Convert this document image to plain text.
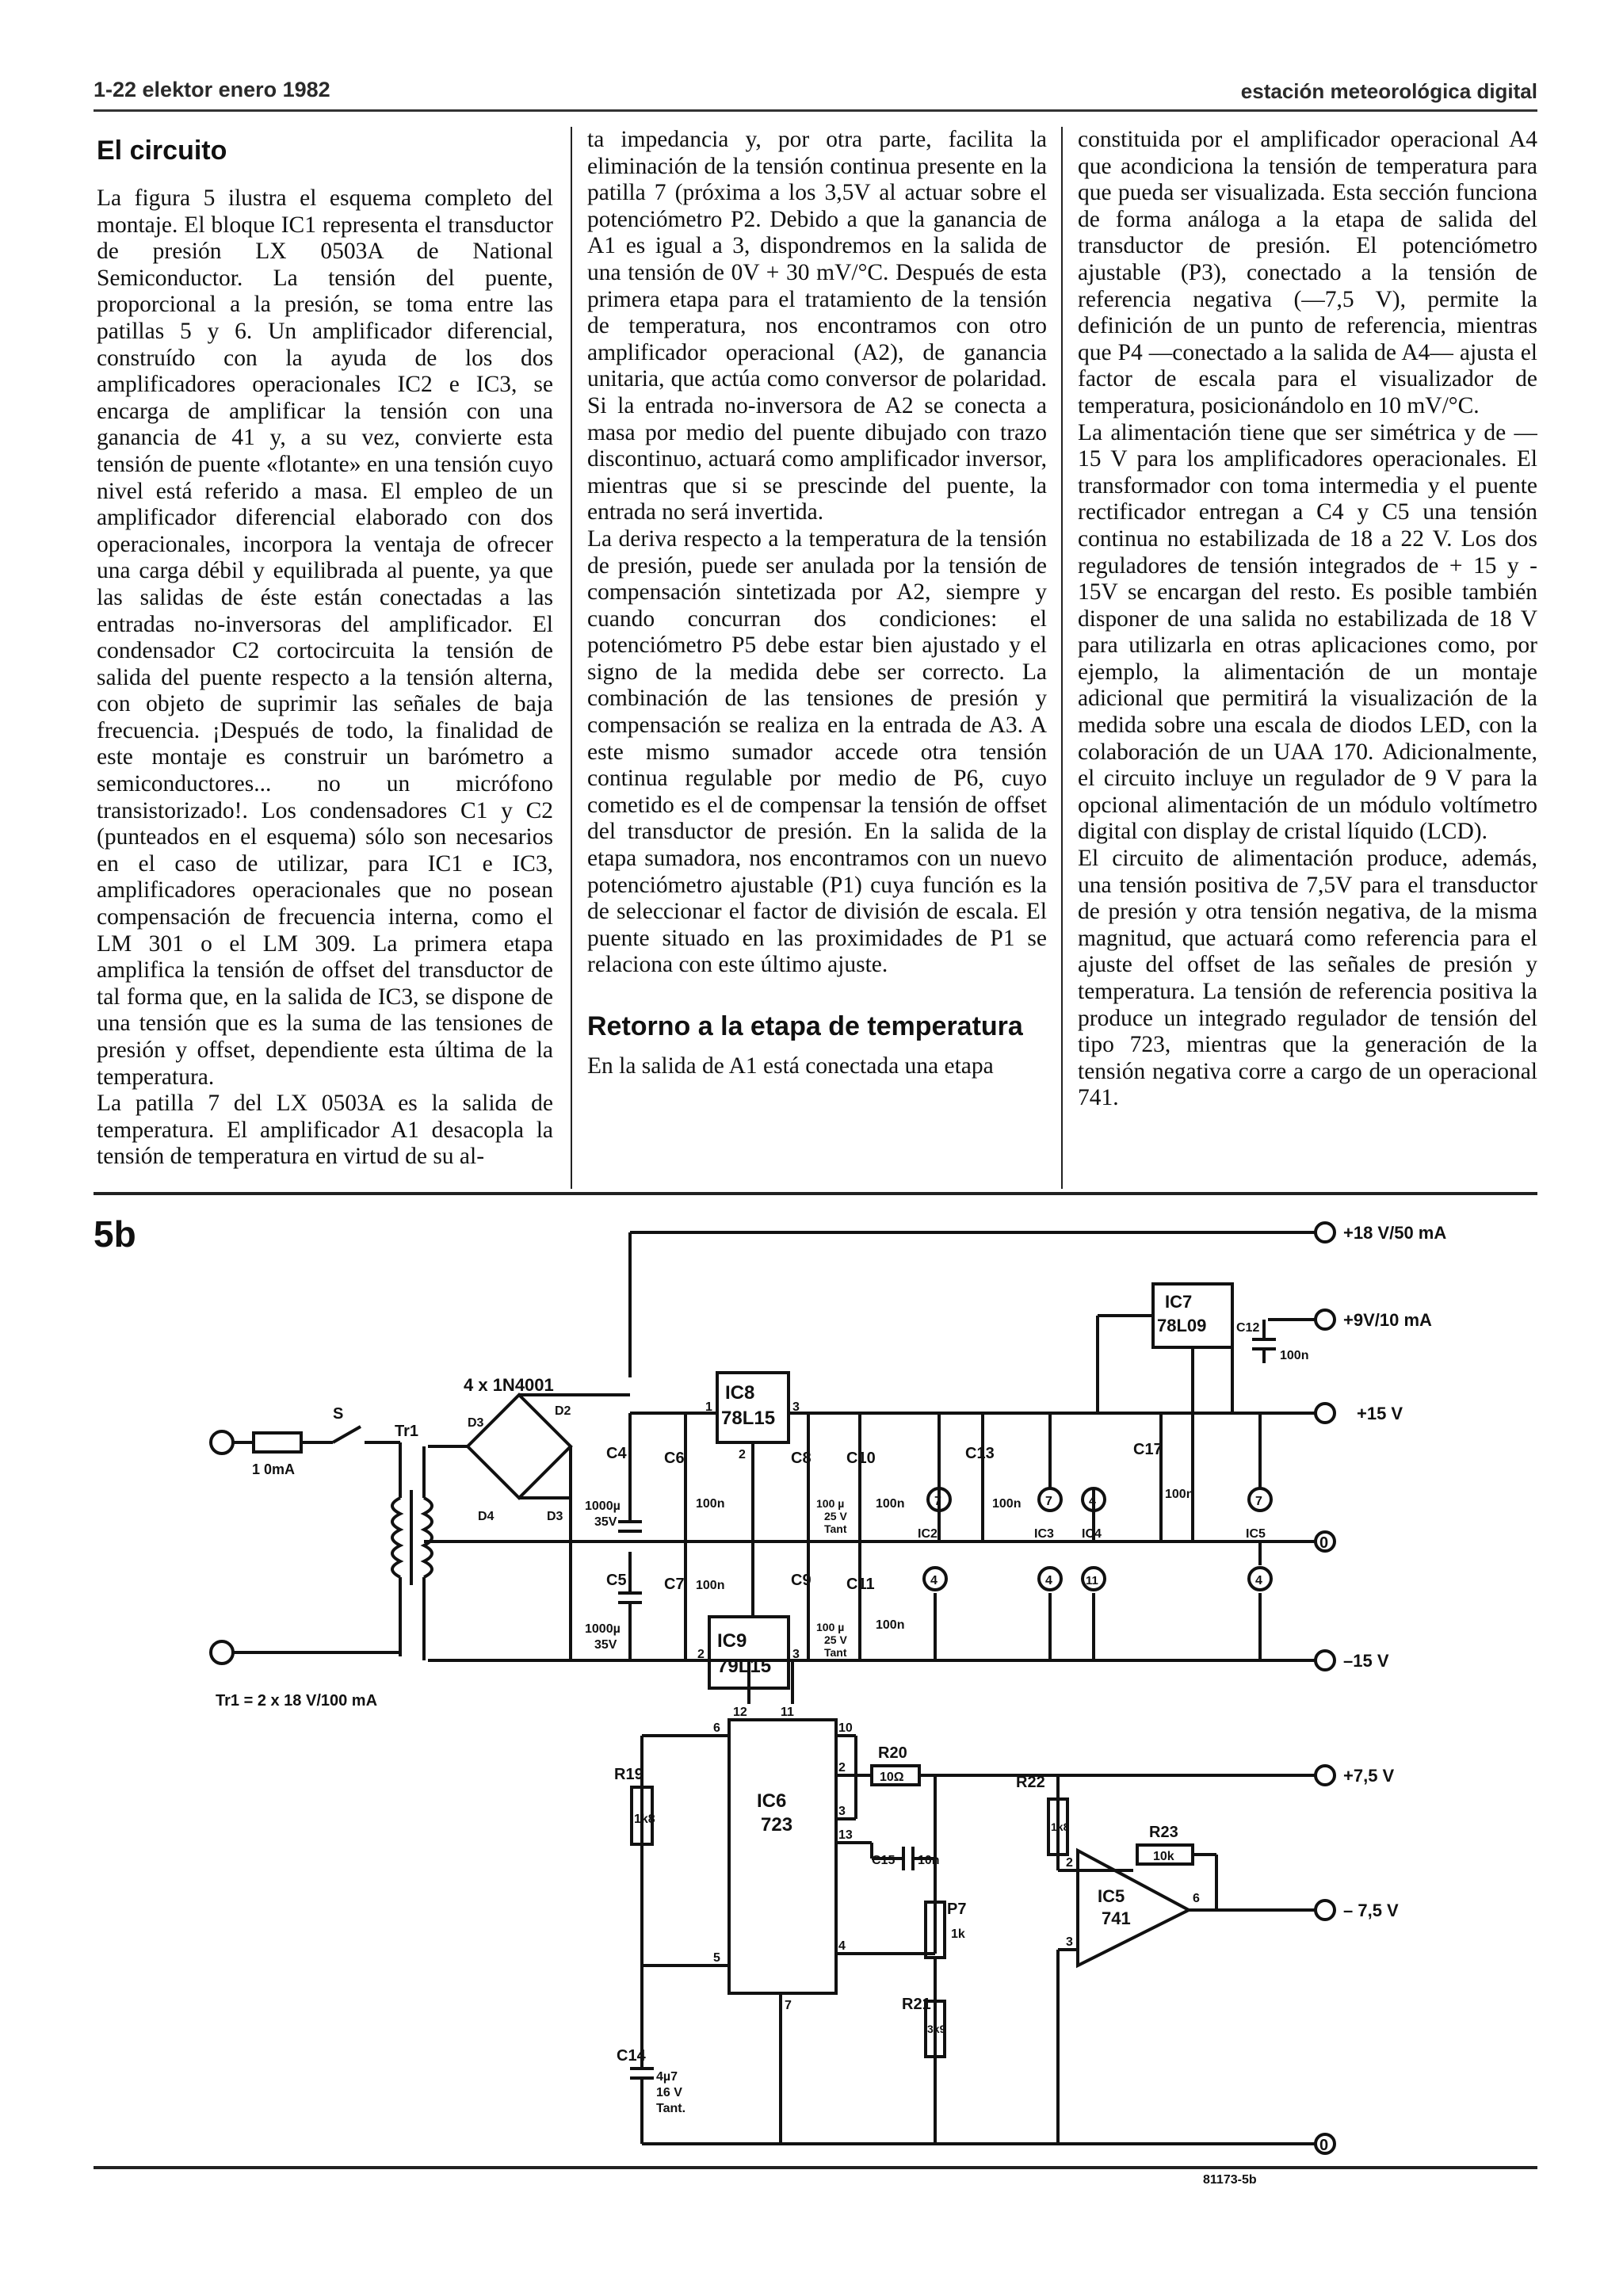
1-22 elektor enero 1982	estación meteorológica digital
El circuito

La figura 5 ilustra el esquema completo del montaje. El bloque IC1 representa el transductor de presión LX 0503A de National Semiconductor. La tensión del puente, proporcional a la presión, se toma entre las patillas 5 y 6. Un amplificador diferencial, construído con la ayuda de los dos amplificadores operacionales IC2 e IC3, se encarga de amplificar la tensión con una ganancia de 41 y, a su vez, convierte esta tensión de puente «flotante» en una tensión cuyo nivel está referido a masa. El empleo de un amplificador diferencial elaborado con dos operacionales, incorpora la ventaja de ofrecer una carga débil y equilibrada al puente, ya que las salidas de éste están conectadas a las entradas no-inversoras del amplificador. El condensador C2 cortocircuita la tensión de salida del puente respecto a la tensión alterna, con objeto de suprimir las señales de baja frecuencia. ¡Después de todo, la finalidad de este montaje es construir un barómetro a semiconductores... no un micrófono transistorizado!. Los condensadores C1 y C2 (punteados en el esquema) sólo son necesarios en el caso de utilizar, para IC1 e IC3, amplificadores operacionales que no posean compensación de frecuencia interna, como el LM 301 o el LM 309. La primera etapa amplifica la tensión de offset del transductor de tal forma que, en la salida de IC3, se dispone de una tensión que es la suma de las tensiones de presión y offset, dependiente esta última de la temperatura.

La patilla 7 del LX 0503A es la salida de temperatura. El amplificador A1 desacopla la tensión de temperatura en virtud de su al-

ta impedancia y, por otra parte, facilita la eliminación de la tensión continua presente en la patilla 7 (próxima a los 3,5V al actuar sobre el potenciómetro P2. Debido a que la ganancia de A1 es igual a 3, dispondremos en la salida de una tensión de 0V + 30 mV/°C. Después de esta primera etapa para el tratamiento de la tensión de temperatura, nos encontramos con otro amplificador operacional (A2), de ganancia unitaria, que actúa como conversor de polaridad. Si la entrada no-inversora de A2 se conecta a masa por medio del puente dibujado con trazo discontinuo, actuará como amplificador inversor, mientras que si se prescinde del puente, la entrada no será invertida.

La deriva respecto a la temperatura de la tensión de presión, puede ser anulada por la tensión de compensación sintetizada por A2, siempre y cuando concurran dos condiciones: el potenciómetro P5 debe estar bien ajustado y el signo de la medida debe ser correcto. La combinación de las tensiones de presión y compensación se realiza en la entrada de A3. A este mismo sumador accede otra tensión continua regulable por medio de P6, cuyo cometido es el de compensar la tensión de offset del transductor de presión. En la salida de la etapa sumadora, nos encontramos con un nuevo potenciómetro ajustable (P1) cuya función es la de seleccionar el factor de división de escala. El puente situado en las proximidades de P1 se relaciona con este último ajuste.

Retorno a la etapa de temperatura

En la salida de A1 está conectada una etapa

constituida por el amplificador operacional A4 que acondiciona la tensión de temperatura para que pueda ser visualizada. Esta sección funciona de forma análoga a la etapa de salida del transductor de presión. El potenciómetro ajustable (P3), conectado a la tensión de referencia negativa (—7,5 V), permite la definición de un punto de referencia, mientras que P4 —conectado a la salida de A4— ajusta el factor de escala para el visualizador de temperatura, posicionándolo en 10 mV/°C.

La alimentación tiene que ser simétrica y de —15 V para los amplificadores operacionales. El transformador con toma intermedia y el puente rectificador entregan a C4 y C5 una tensión continua no estabilizada de 18 a 22 V. Los dos reguladores de tensión integrados de + 15 y - 15V se encargan del resto. Es posible también disponer de una salida no estabilizada de 18 V para utilizarla en otras aplicaciones como, por ejemplo, la alimentación de un montaje adicional que permitirá la visualización de la medida sobre una escala de diodos LED, con la colaboración de un UAA 170. Adicionalmente, el circuito incluye un regulador de 9 V para la opcional alimentación de un módulo voltímetro digital con display de cristal líquido (LCD).

El circuito de alimentación produce, además, una tensión positiva de 7,5V para el transductor de presión y otra tensión negativa, de la misma magnitud, que actuará como referencia para el ajuste del offset de las señales de presión y temperatura. La tensión de referencia positiva la produce un integrado regulador de tensión del tipo 723, mientras que la generación de la tensión negativa corre a cargo de un operacional 741.

5b	+18 V/50 mA
+9V/10 mA
+15 V
0
–15 V
+7,5 V
– 7,5 V
0
1 0mA
S
Tr1
Tr1 = 2 x 18 V/100 mA
4 x 1N4001
D2
D3
D4	D3
IC7
78L09
IC8
78L15
IC9
79L15
IC6
723
IC5
741
C4
1000µ
35V
C5
1000µ
35V
C6
100n
C7 100n
C8
100 µ
25 V
Tant
C9
100 µ
25 V
Tant
C10
100n
C11
100n
C12
100n
C13
100n
C17
100n
C14
4µ7
16 V
Tant.
C15 10n
R19
1k8
R20
10Ω
R21
3k9
R22
1k8	R23
10k
P7
1k
IC2	IC3 IC4	IC5
7	7	4	7
4	4	11	4
1
2
3
2	3
12	11
10
2
3
13
4
5
6
7
2
3
6
81173-5b
